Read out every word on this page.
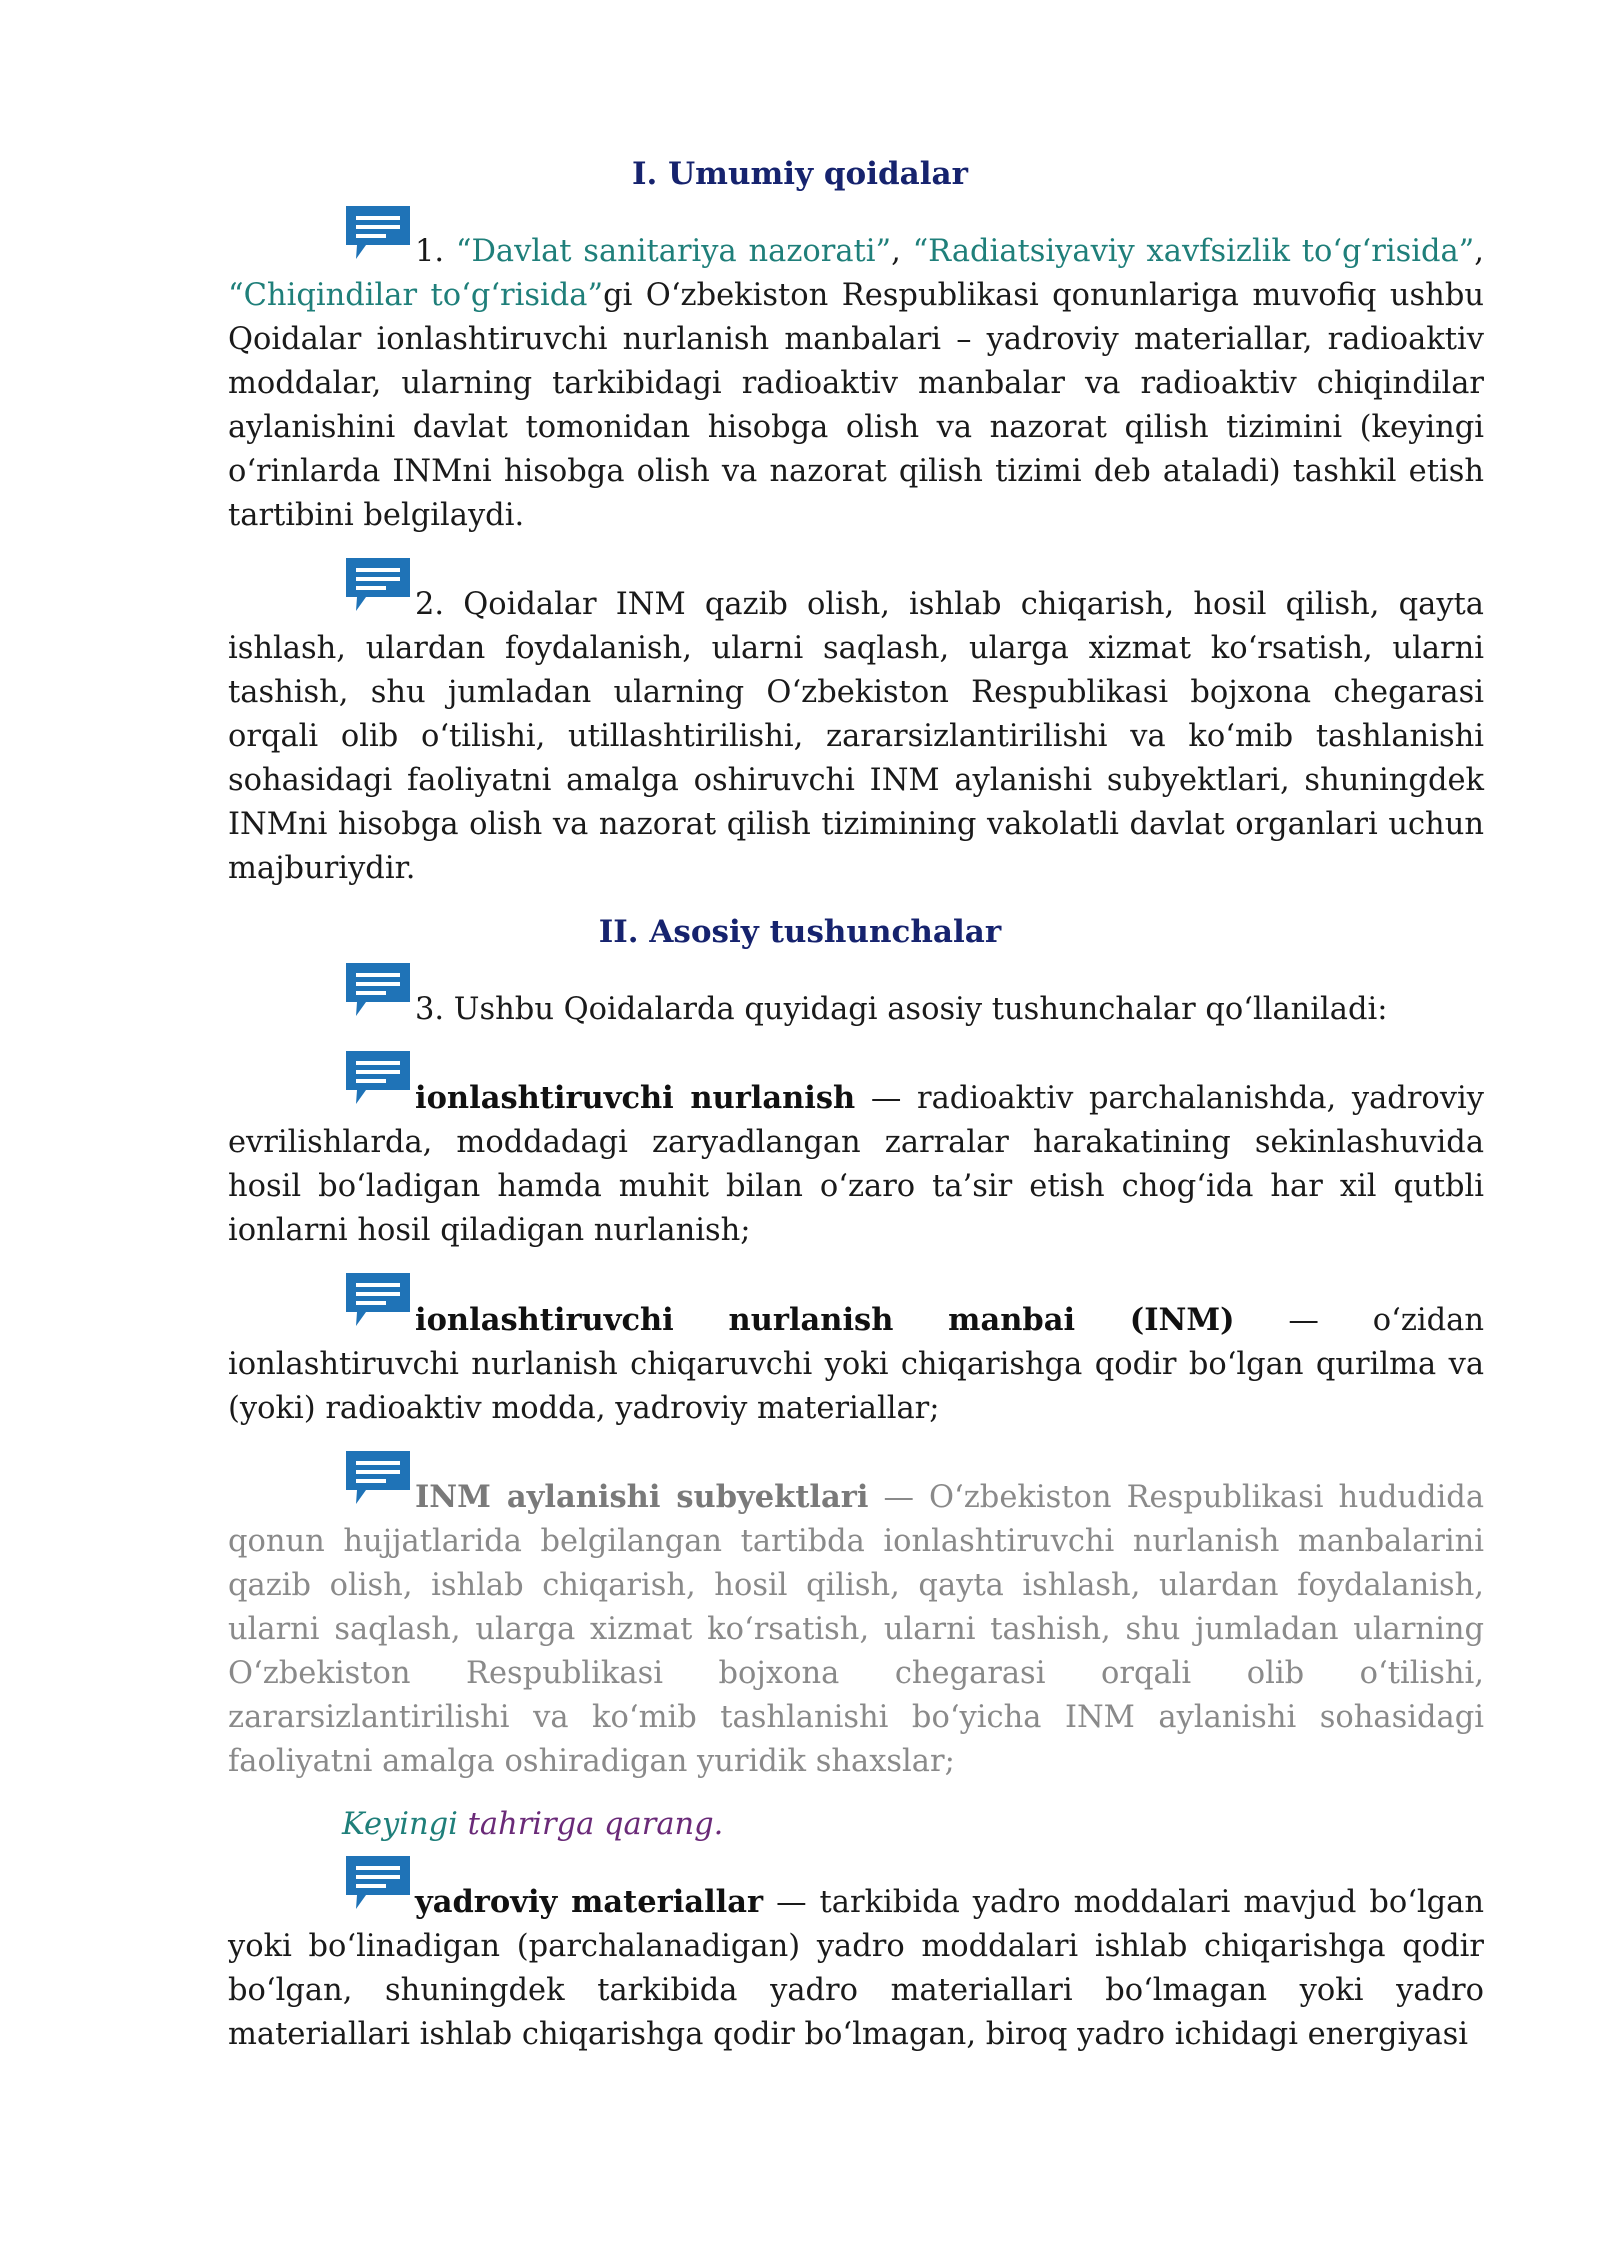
I. Umumiy qoidalar

1. “Davlat sanitariya nazorati”, “Radiatsiyaviy xavfsizlik to‘g‘risida”, “Chiqindilar to‘g‘risida”gi O‘zbekiston Respublikasi qonunlariga muvofiq ushbu Qoidalar ionlashtiruvchi nurlanish manbalari – yadroviy materiallar, radioaktiv moddalar, ularning tarkibidagi radioaktiv manbalar va radioaktiv chiqindilar aylanishini davlat tomonidan hisobga olish va nazorat qilish tizimini (keyingi o‘rinlarda INMni hisobga olish va nazorat qilish tizimi deb ataladi) tashkil etish tartibini belgilaydi.

2. Qoidalar INM qazib olish, ishlab chiqarish, hosil qilish, qayta ishlash, ulardan foydalanish, ularni saqlash, ularga xizmat ko‘rsatish, ularni tashish, shu jumladan ularning O‘zbekiston Respublikasi bojxona chegarasi orqali olib o‘tilishi, utillashtirilishi, zararsizlantirilishi va ko‘mib tashlanishi sohasidagi faoliyatni amalga oshiruvchi INM aylanishi subyektlari, shuningdek INMni hisobga olish va nazorat qilish tizimining vakolatli davlat organlari uchun majburiydir.

II. Asosiy tushunchalar

3. Ushbu Qoidalarda quyidagi asosiy tushunchalar qo‘llaniladi:

ionlashtiruvchi nurlanish — radioaktiv parchalanishda, yadroviy evrilishlarda, moddadagi zaryadlangan zarralar harakatining sekinlashuvida hosil bo‘ladigan hamda muhit bilan o‘zaro ta’sir etish chog‘ida har xil qutbli ionlarni hosil qiladigan nurlanish;

ionlashtiruvchi nurlanish manbai (INM) — o‘zidan ionlashtiruvchi nurlanish chiqaruvchi yoki chiqarishga qodir bo‘lgan qurilma va (yoki) radioaktiv modda, yadroviy materiallar;

INM aylanishi subyektlari — O‘zbekiston Respublikasi hududida qonun hujjatlarida belgilangan tartibda ionlashtiruvchi nurlanish manbalarini qazib olish, ishlab chiqarish, hosil qilish, qayta ishlash, ulardan foydalanish, ularni saqlash, ularga xizmat ko‘rsatish, ularni tashish, shu jumladan ularning O‘zbekiston Respublikasi bojxona chegarasi orqali olib o‘tilishi, zararsizlantirilishi va ko‘mib tashlanishi bo‘yicha INM aylanishi sohasidagi faoliyatni amalga oshiradigan yuridik shaxslar;

Keyingi tahrirga qarang.

yadroviy materiallar — tarkibida yadro moddalari mavjud bo‘lgan yoki bo‘linadigan (parchalanadigan) yadro moddalari ishlab chiqarishga qodir bo‘lgan, shuningdek tarkibida yadro materiallari bo‘lmagan yoki yadro materiallari ishlab chiqarishga qodir bo‘lmagan, biroq yadro ichidagi energiyasi
